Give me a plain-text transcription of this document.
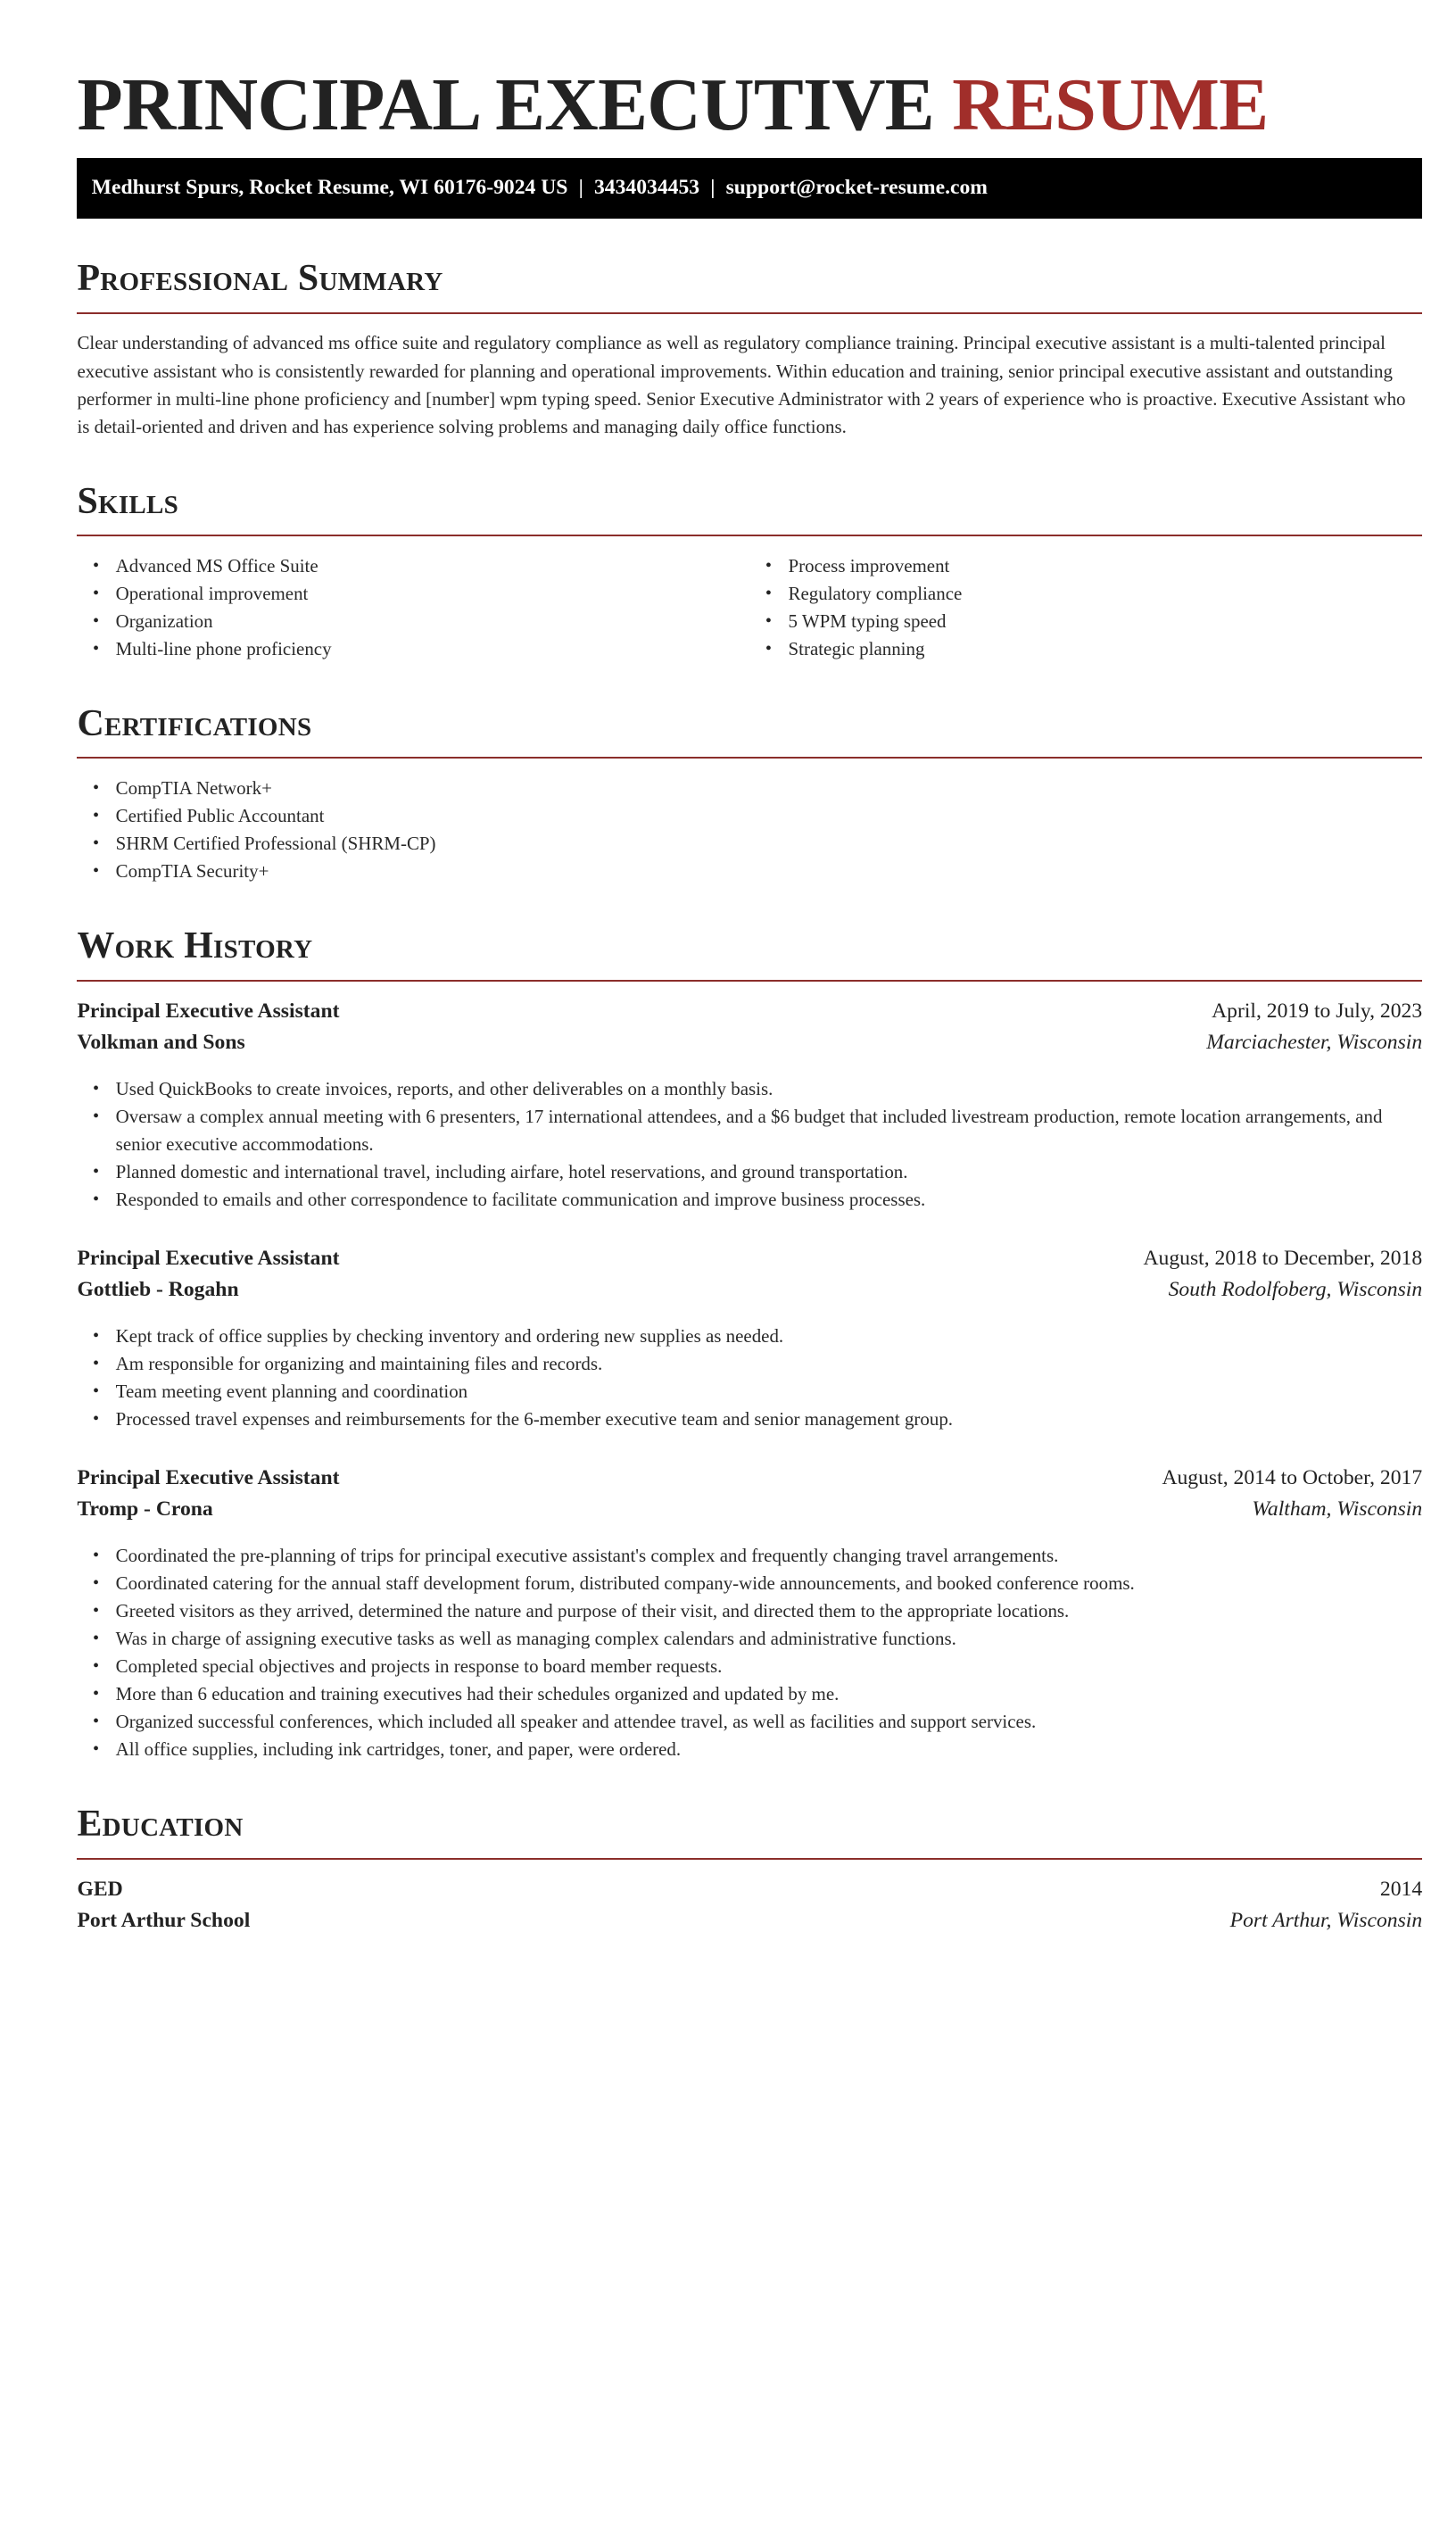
PRINCIPAL EXECUTIVE RESUME
Medhurst Spurs, Rocket Resume, WI 60176-9024 US | 3434034453 | support@rocket-resume.com
Professional Summary

Clear understanding of advanced ms office suite and regulatory compliance as well as regulatory compliance training. Principal executive assistant is a multi-talented principal executive assistant who is consistently rewarded for planning and operational improvements. Within education and training, senior principal executive assistant and outstanding performer in multi-line phone proficiency and [number] wpm typing speed. Senior Executive Administrator with 2 years of experience who is proactive. Executive Assistant who is detail-oriented and driven and has experience solving problems and managing daily office functions.

Skills
• Advanced MS Office Suite
• Operational improvement
• Organization
• Multi-line phone proficiency
• Process improvement
• Regulatory compliance
• 5 WPM typing speed
• Strategic planning
Certifications
• CompTIA Network+
• Certified Public Accountant
• SHRM Certified Professional (SHRM-CP)
• CompTIA Security+
Work History
Principal Executive Assistant	April, 2019 to July, 2023
Volkman and Sons	Marciachester, Wisconsin
• Used QuickBooks to create invoices, reports, and other deliverables on a monthly basis.
• Oversaw a complex annual meeting with 6 presenters, 17 international attendees, and a $6 budget that included livestream production, remote location arrangements, and senior executive accommodations.
• Planned domestic and international travel, including airfare, hotel reservations, and ground transportation.
• Responded to emails and other correspondence to facilitate communication and improve business processes.
Principal Executive Assistant	August, 2018 to December, 2018
Gottlieb - Rogahn	South Rodolfoberg, Wisconsin
• Kept track of office supplies by checking inventory and ordering new supplies as needed.
• Am responsible for organizing and maintaining files and records.
• Team meeting event planning and coordination
• Processed travel expenses and reimbursements for the 6-member executive team and senior management group.
Principal Executive Assistant	August, 2014 to October, 2017
Tromp - Crona	Waltham, Wisconsin
• Coordinated the pre-planning of trips for principal executive assistant's complex and frequently changing travel arrangements.
• Coordinated catering for the annual staff development forum, distributed company-wide announcements, and booked conference rooms.
• Greeted visitors as they arrived, determined the nature and purpose of their visit, and directed them to the appropriate locations.
• Was in charge of assigning executive tasks as well as managing complex calendars and administrative functions.
• Completed special objectives and projects in response to board member requests.
• More than 6 education and training executives had their schedules organized and updated by me.
• Organized successful conferences, which included all speaker and attendee travel, as well as facilities and support services.
• All office supplies, including ink cartridges, toner, and paper, were ordered.
Education
GED	2014
Port Arthur School	Port Arthur, Wisconsin
